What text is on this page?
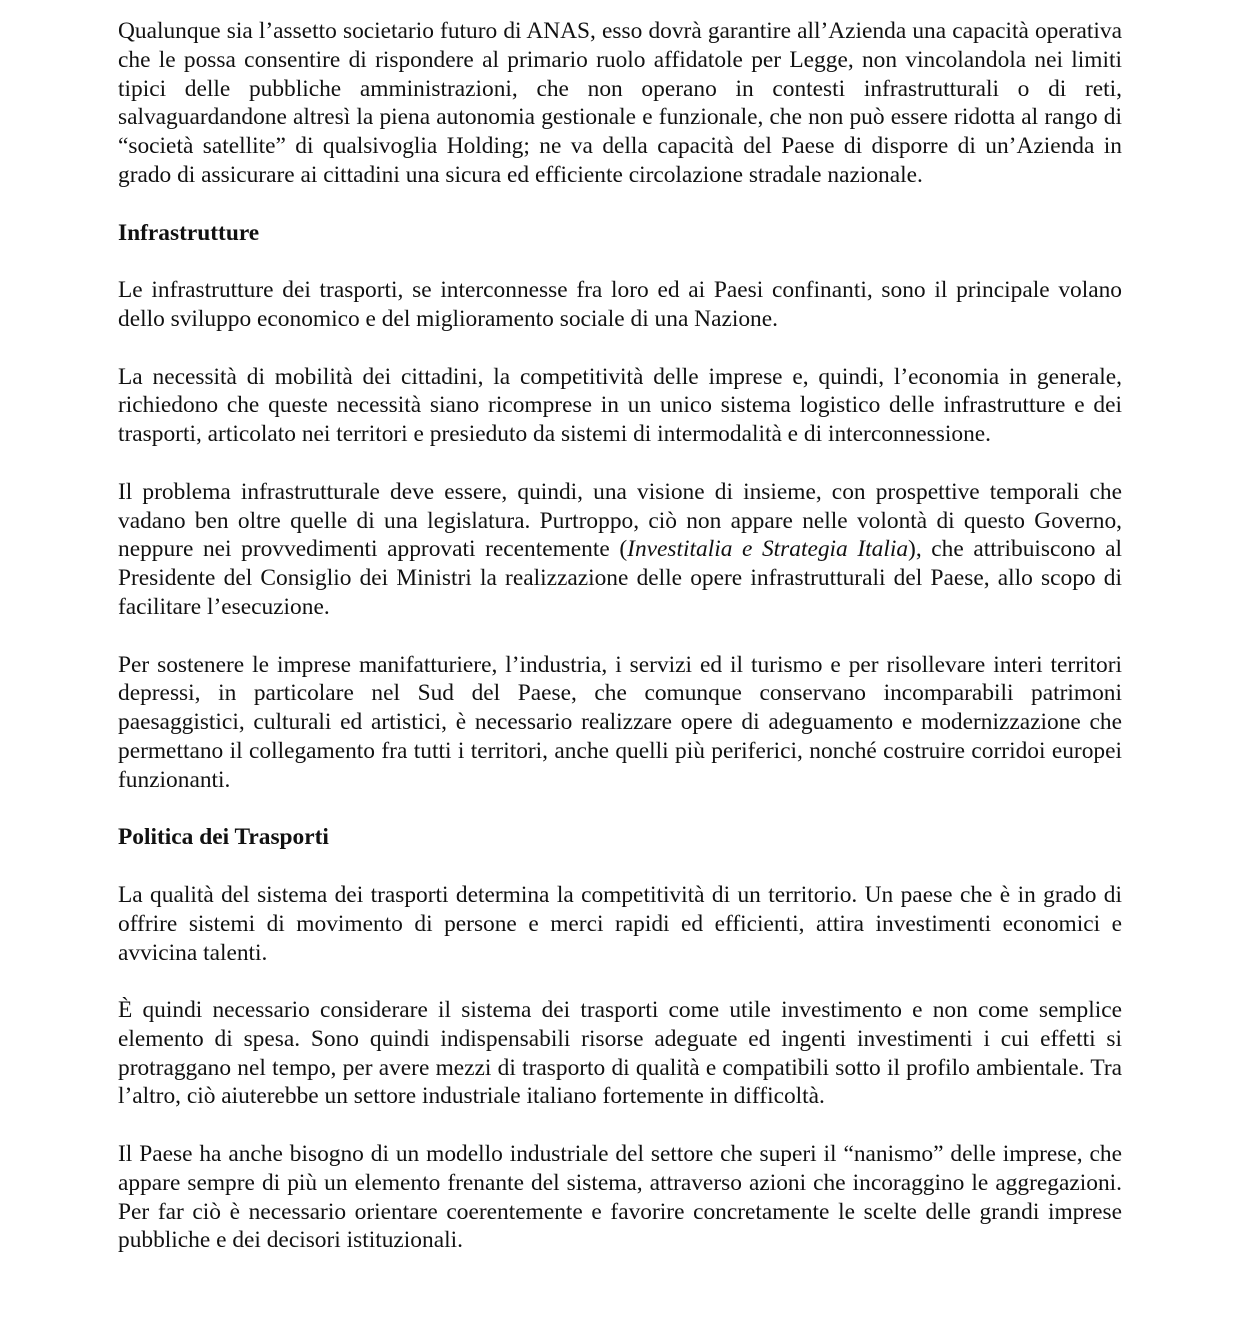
Qualunque sia l’assetto societario futuro di ANAS, esso dovrà garantire all’Azienda una capacità operativa che le possa consentire di rispondere al primario ruolo affidatole per Legge, non vincolandola nei limiti tipici delle pubbliche amministrazioni, che non operano in contesti infrastrutturali o di reti, salvaguardandone altresì la piena autonomia gestionale e funzionale, che non può essere ridotta al rango di “società satellite” di qualsivoglia Holding; ne va della capacità del Paese di disporre di un’Azienda in grado di assicurare ai cittadini una sicura ed efficiente circolazione stradale nazionale.

Infrastrutture

Le infrastrutture dei trasporti, se interconnesse fra loro ed ai Paesi confinanti, sono il principale volano dello sviluppo economico e del miglioramento sociale di una Nazione.

La necessità di mobilità dei cittadini, la competitività delle imprese e, quindi, l’economia in generale, richiedono che queste necessità siano ricomprese in un unico sistema logistico delle infrastrutture e dei trasporti, articolato nei territori e presieduto da sistemi di intermodalità e di interconnessione.

Il problema infrastrutturale deve essere, quindi, una visione di insieme, con prospettive temporali che vadano ben oltre quelle di una legislatura. Purtroppo, ciò non appare nelle volontà di questo Governo, neppure nei provvedimenti approvati recentemente (Investitalia e Strategia Italia), che attribuiscono al Presidente del Consiglio dei Ministri la realizzazione delle opere infrastrutturali del Paese, allo scopo di facilitare l’esecuzione.

Per sostenere le imprese manifatturiere, l’industria, i servizi ed il turismo e per risollevare interi territori depressi, in particolare nel Sud del Paese, che comunque conservano incomparabili patrimoni paesaggistici, culturali ed artistici, è necessario realizzare opere di adeguamento e modernizzazione che permettano il collegamento fra tutti i territori, anche quelli più periferici, nonché costruire corridoi europei funzionanti.

Politica dei Trasporti

La qualità del sistema dei trasporti determina la competitività di un territorio. Un paese che è in grado di offrire sistemi di movimento di persone e merci rapidi ed efficienti, attira investimenti economici e avvicina talenti.

È quindi necessario considerare il sistema dei trasporti come utile investimento e non come semplice elemento di spesa. Sono quindi indispensabili risorse adeguate ed ingenti investimenti i cui effetti si protraggano nel tempo, per avere mezzi di trasporto di qualità e compatibili sotto il profilo ambientale. Tra l’altro, ciò aiuterebbe un settore industriale italiano fortemente in difficoltà.

Il Paese ha anche bisogno di un modello industriale del settore che superi il “nanismo” delle imprese, che appare sempre di più un elemento frenante del sistema, attraverso azioni che incoraggino le aggregazioni. Per far ciò è necessario orientare coerentemente e favorire concretamente le scelte delle grandi imprese pubbliche e dei decisori istituzionali.
